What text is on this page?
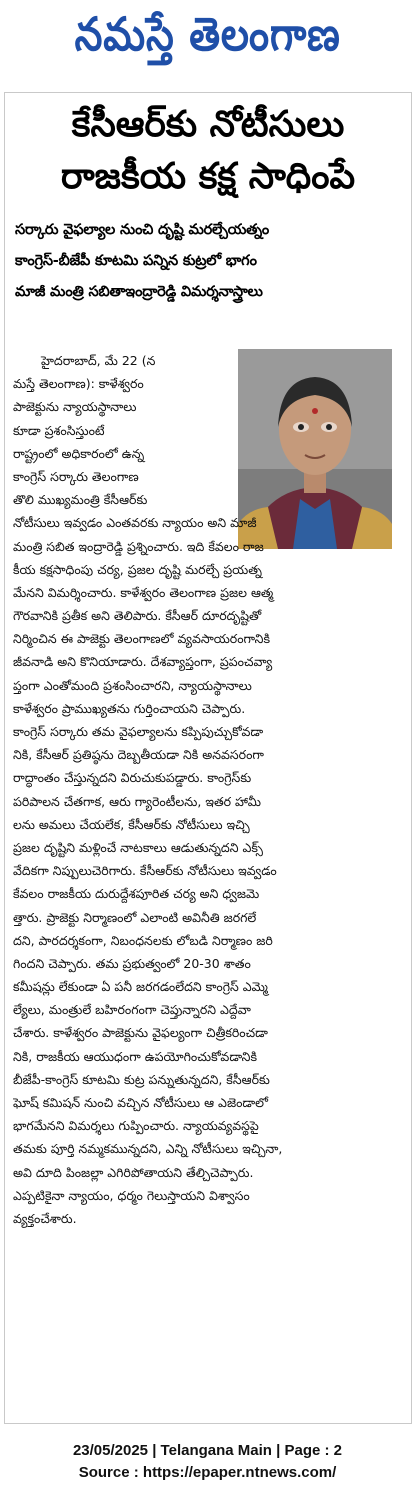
నమస్తే తెలంగాణ
కేసీఆర్‌కు నోటీసులు
రాజకీయ కక్ష సాధింపే
సర్కారు వైఫల్యాల నుంచి దృష్టి మరల్చేయత్నం
కాంగ్రెస్‌-బీజేపీ కూటమి పన్నిన కుట్రలో భాగం
మాజీ మంత్రి సబితాఇంద్రారెడ్డి విమర్శనాస్త్రాలు
హైదరాబాద్‌, మే 22 (న
మస్తే తెలంగాణ): కాళేశ్వరం
పాజెక్టును న్యాయస్థానాలు
కూడా ప్రశంసిస్తుంటే
రాష్ట్రంలో అధికారంలో ఉన్న
కాంగ్రెస్‌ సర్కారు తెలంగాణ
తొలి ముఖ్యమంత్రి కేసీఆర్‌కు
నోటీసులు ఇవ్వడం ఎంతవరకు న్యాయం అని మాజీ
మంత్రి సబిత ఇంద్రారెడ్డి ప్రశ్నించారు. ఇది కేవలం రాజ
కీయ కక్షసాధింపు చర్య, ప్రజల దృష్టి మరల్చే ప్రయత్న
మేనని విమర్శించారు. కాళేశ్వరం తెలంగాణ ప్రజల ఆత్మ
గౌరవానికి ప్రతీక అని తెలిపారు. కేసీఆర్‌ దూరదృష్టితో
నిర్మించిన ఈ పాజెక్టు తెలంగాణలో వ్యవసాయరంగానికి
జీవనాడి అని కొనియాడారు. దేశవ్యాప్తంగా, ప్రపంచవ్యా
ప్తంగా ఎంతోమంది ప్రశంసించారని, న్యాయస్థానాలు
కాళేశ్వరం ప్రాముఖ్యతను గుర్తించాయని చెప్పారు.
కాంగ్రెస్‌ సర్కారు తమ వైఫల్యాలను కప్పిపుచ్చుకోవడా
నికి, కేసీఆర్‌ ప్రతిష్ఠను దెబ్బతీయడా నికి అనవసరంగా
రాద్ధాంతం చేస్తున్నదని విరుచుకుపడ్డారు. కాంగ్రెస్‌కు
పరిపాలన చేతగాక, ఆరు గ్యారెంటీలను, ఇతర హామీ
లను అమలు చేయలేక, కేసీఆర్‌కు నోటీసులు ఇచ్చి
ప్రజల దృష్టిని మళ్లించే నాటకాలు ఆడుతున్నదని ఎక్స్‌
వేదికగా నిప్పులుచెరిగారు. కేసీఆర్‌కు నోటీసులు ఇవ్వడం
కేవలం రాజకీయ దురుద్దేశపూరిత చర్య అని ధ్వజమె
త్తారు. ప్రాజెక్టు నిర్మాణంలో ఎలాంటి అవినీతి జరగలే
దని, పారదర్శకంగా, నిబంధనలకు లోబడి నిర్మాణం జరి
గిందని చెప్పారు. తమ ప్రభుత్వంలో 20-30 శాతం
కమీషన్లు లేకుండా ఏ పనీ జరగడంలేదని కాంగ్రెస్‌ ఎమ్మె
ల్యేలు, మంత్రులే బహిరంగంగా చెప్తున్నారని ఎద్దేవా
చేశారు. కాళేశ్వరం పాజెక్టును వైఫల్యంగా చిత్రీకరించడా
నికి, రాజకీయ ఆయుధంగా ఉపయోగించుకోవడానికి
బీజేపీ-కాంగ్రెస్‌ కూటమి కుట్ర పన్నుతున్నదని, కేసీఆర్‌కు
ఘోష్‌ కమిషన్‌ నుంచి వచ్చిన నోటీసులు ఆ ఎజెండాలో
భాగమేనని విమర్శలు గుప్పించారు. న్యాయవ్యవస్థపై
తమకు పూర్తి నమ్మకమున్నదని, ఎన్ని నోటీసులు ఇచ్చినా,
అవి దూది పింజల్లా ఎగిరిపోతాయని తేల్చిచెప్పారు.
ఎప్పటికైనా న్యాయం, ధర్మం గెలుస్తాయని విశ్వాసం
వ్యక్తంచేశారు.
23/05/2025 | Telangana Main | Page : 2
Source : https://epaper.ntnews.com/
